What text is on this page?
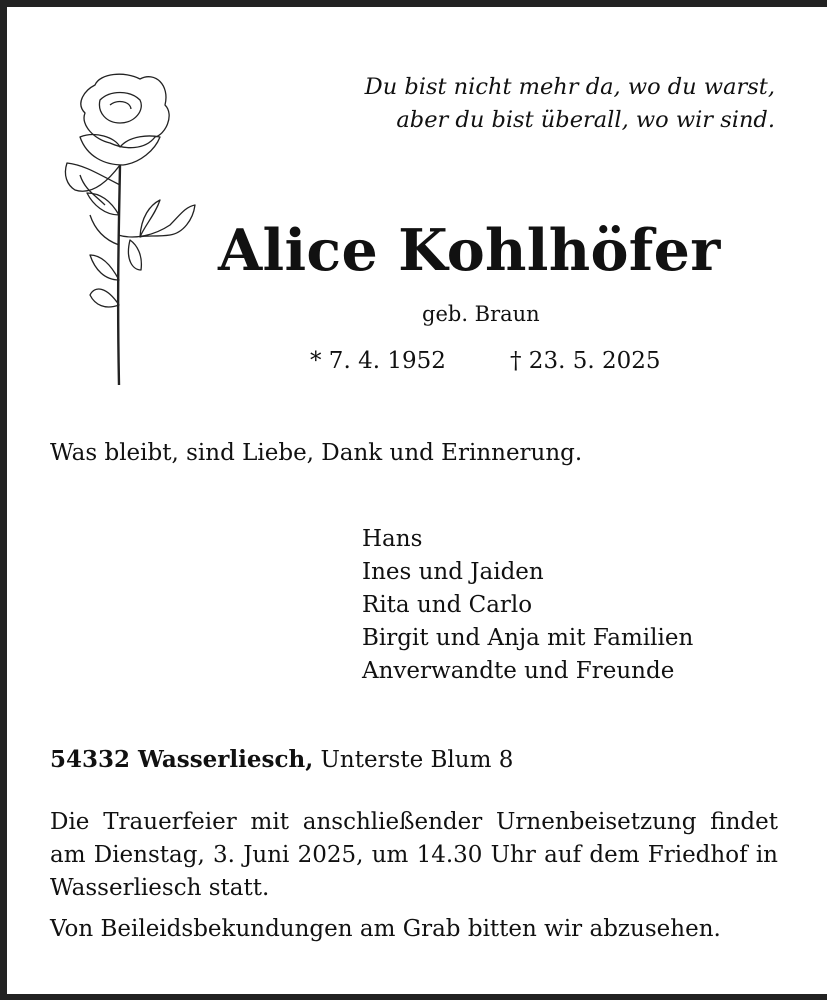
Du bist nicht mehr da, wo du warst,
aber du bist überall, wo wir sind.
Alice Kohlhöfer
geb. Braun
* 7. 4. 1952	† 23. 5. 2025
Was bleibt, sind Liebe, Dank und Erinnerung.
Hans
Ines und Jaiden
Rita und Carlo
Birgit und Anja mit Familien
Anverwandte und Freunde
54332 Wasserliesch, Unterste Blum 8
Die Trauerfeier mit anschließender Urnenbeisetzung findet am Dienstag, 3. Juni 2025, um 14.30 Uhr auf dem Friedhof in Wasserliesch statt.
Von Beileidsbekundungen am Grab bitten wir abzusehen.
